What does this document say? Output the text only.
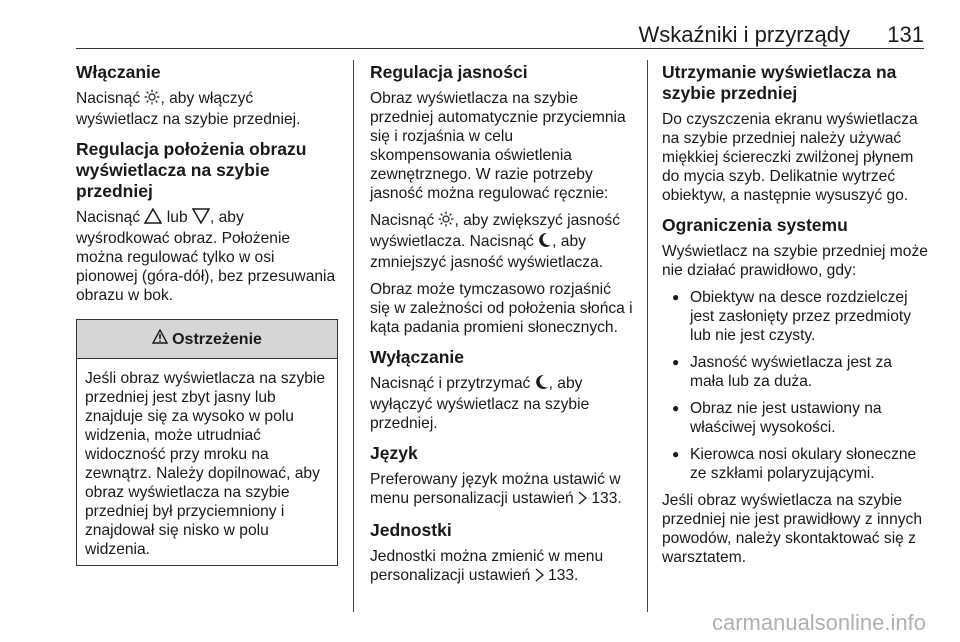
Wskaźniki i przyrządy 131
Włączanie

Nacisnąć , aby włączyć wyświetlacz na szybie przedniej.

Regulacja położenia obrazu wyświetlacza na szybie przedniej

Nacisnąć  lub , aby wyśrodkować obraz. Położenie można regulować tylko w osi pionowej (góra-dół), bez przesuwania obrazu w bok.

Ostrzeżenie

Jeśli obraz wyświetlacza na szybie przedniej jest zbyt jasny lub znajduje się za wysoko w polu widzenia, może utrudniać widoczność przy mroku na zewnątrz. Należy dopilnować, aby obraz wyświetlacza na szybie przedniej był przyciemniony i znajdował się nisko w polu widzenia.

Regulacja jasności

Obraz wyświetlacza na szybie przedniej automatycznie przyciemnia się i rozjaśnia w celu skompensowania oświetlenia zewnętrznego. W razie potrzeby jasność można regulować ręcznie:

Nacisnąć , aby zwiększyć jasność wyświetlacza. Nacisnąć , aby zmniejszyć jasność wyświetlacza.

Obraz może tymczasowo rozjaśnić się w zależności od położenia słońca i kąta padania promieni słonecznych.

Wyłączanie

Nacisnąć i przytrzymać , aby wyłączyć wyświetlacz na szybie przedniej.

Język

Preferowany język można ustawić w menu personalizacji ustawień  133.

Jednostki

Jednostki można zmienić w menu personalizacji ustawień  133.

Utrzymanie wyświetlacza na szybie przedniej

Do czyszczenia ekranu wyświetlacza na szybie przedniej należy używać miękkiej ściereczki zwilżonej płynem do mycia szyb. Delikatnie wytrzeć obiektyw, a następnie wysuszyć go.

Ograniczenia systemu

Wyświetlacz na szybie przedniej może nie działać prawidłowo, gdy:

● Obiektyw na desce rozdzielczej jest zasłonięty przez przedmioty lub nie jest czysty.
● Jasność wyświetlacza jest za mała lub za duża.
● Obraz nie jest ustawiony na właściwej wysokości.
● Kierowca nosi okulary słoneczne ze szkłami polaryzującymi.

Jeśli obraz wyświetlacza na szybie przedniej nie jest prawidłowy z innych powodów, należy skontaktować się z warsztatem.

carmanualsonline.info
